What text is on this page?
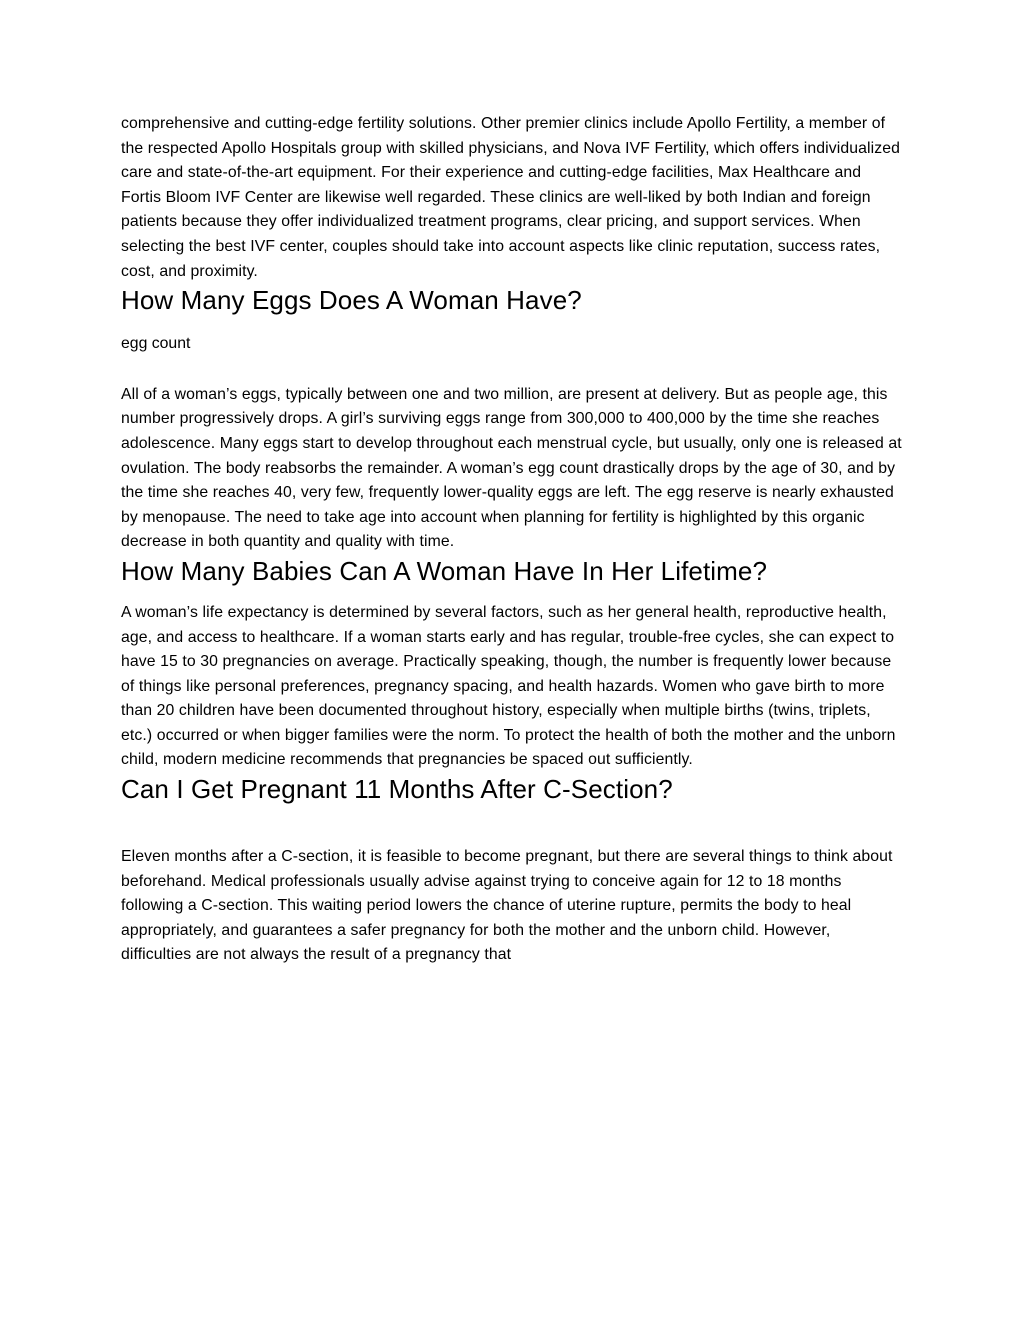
comprehensive and cutting-edge fertility solutions. Other premier clinics include Apollo Fertility, a member of the respected Apollo Hospitals group with skilled physicians, and Nova IVF Fertility, which offers individualized care and state-of-the-art equipment. For their experience and cutting-edge facilities, Max Healthcare and Fortis Bloom IVF Center are likewise well regarded. These clinics are well-liked by both Indian and foreign patients because they offer individualized treatment programs, clear pricing, and support services. When selecting the best IVF center, couples should take into account aspects like clinic reputation, success rates, cost, and proximity.

How Many Eggs Does A Woman Have?

egg count

All of a woman’s eggs, typically between one and two million, are present at delivery. But as people age, this number progressively drops. A girl’s surviving eggs range from 300,000 to 400,000 by the time she reaches adolescence. Many eggs start to develop throughout each menstrual cycle, but usually, only one is released at ovulation. The body reabsorbs the remainder. A woman’s egg count drastically drops by the age of 30, and by the time she reaches 40, very few, frequently lower-quality eggs are left. The egg reserve is nearly exhausted by menopause. The need to take age into account when planning for fertility is highlighted by this organic decrease in both quantity and quality with time.

How Many Babies Can A Woman Have In Her Lifetime?

A woman’s life expectancy is determined by several factors, such as her general health, reproductive health, age, and access to healthcare. If a woman starts early and has regular, trouble-free cycles, she can expect to have 15 to 30 pregnancies on average. Practically speaking, though, the number is frequently lower because of things like personal preferences, pregnancy spacing, and health hazards. Women who gave birth to more than 20 children have been documented throughout history, especially when multiple births (twins, triplets, etc.) occurred or when bigger families were the norm. To protect the health of both the mother and the unborn child, modern medicine recommends that pregnancies be spaced out sufficiently.

Can I Get Pregnant 11 Months After C-Section?

Eleven months after a C-section, it is feasible to become pregnant, but there are several things to think about beforehand. Medical professionals usually advise against trying to conceive again for 12 to 18 months following a C-section. This waiting period lowers the chance of uterine rupture, permits the body to heal appropriately, and guarantees a safer pregnancy for both the mother and the unborn child. However, difficulties are not always the result of a pregnancy that
